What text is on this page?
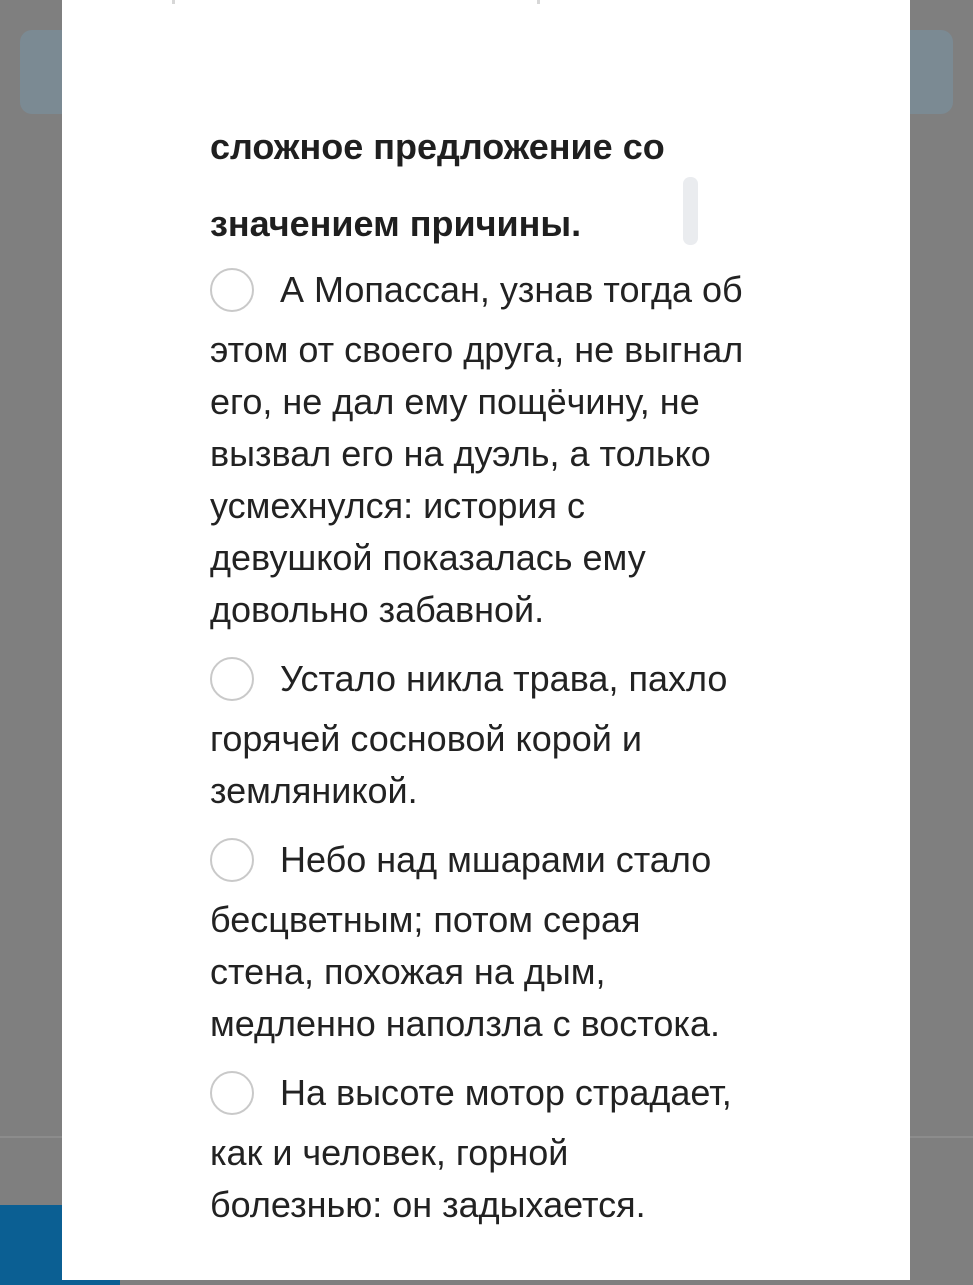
сложное предложение со
значением причины.
А Мопассан, узнав тогда об
этом от своего друга, не выгнал
его, не дал ему пощёчину, не
вызвал его на дуэль, а только
усмехнулся: история с
девушкой показалась ему
довольно забавной.
Устало никла трава, пахло
горячей сосновой корой и
земляникой.
Небо над мшарами стало
бесцветным; потом серая
стена, похожая на дым,
медленно наползла с востока.
На высоте мотор страдает,
как и человек, горной
болезнью: он задыхается.
